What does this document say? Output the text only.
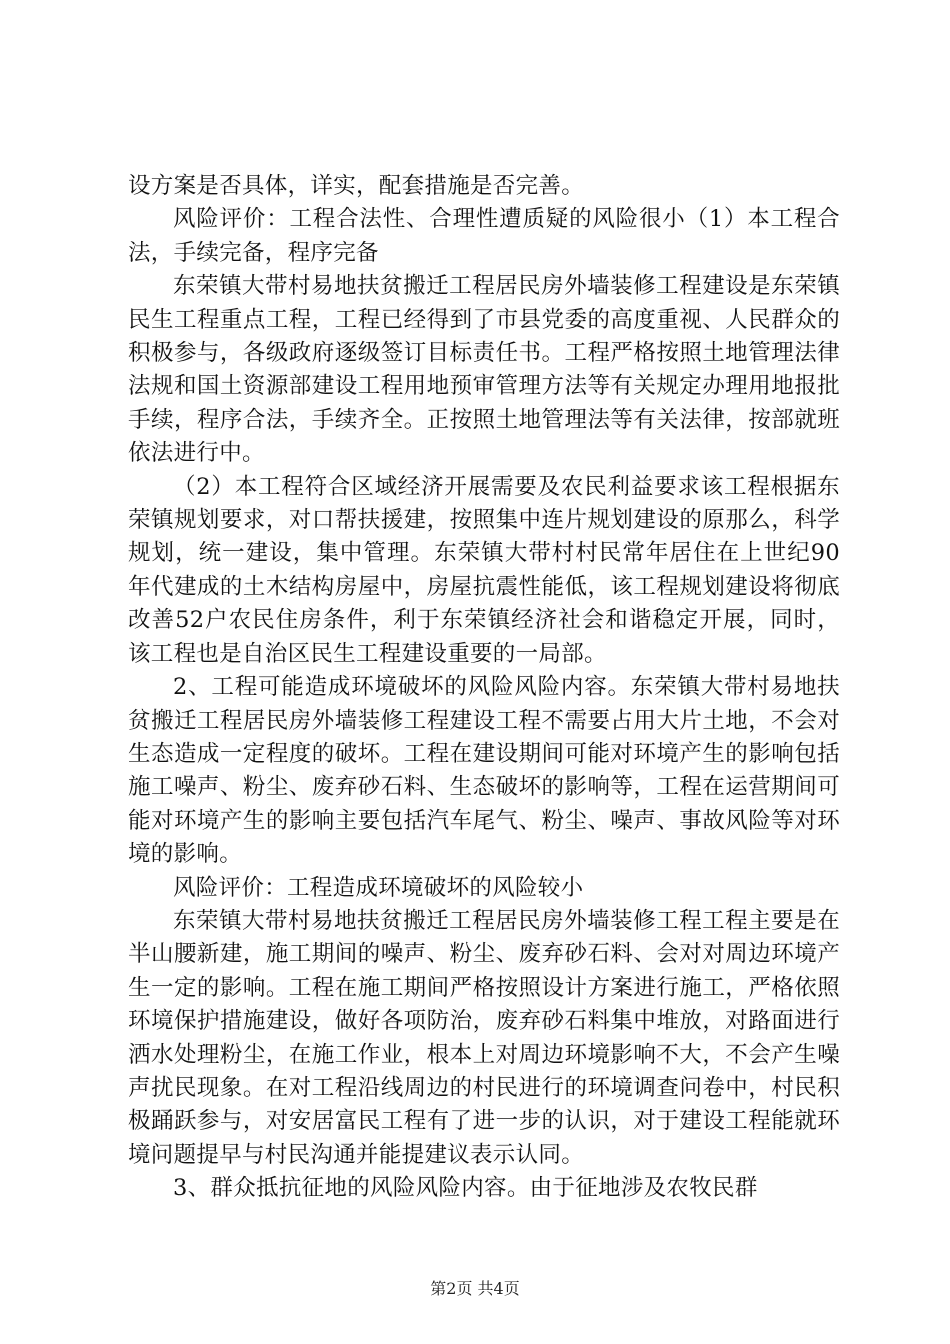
设方案是否具体，详实，配套措施是否完善。

风险评价：工程合法性、合理性遭质疑的风险很小（1）本工程合法，手续完备，程序完备

东荣镇大带村易地扶贫搬迁工程居民房外墙装修工程建设是东荣镇民生工程重点工程，工程已经得到了市县党委的高度重视、人民群众的积极参与，各级政府逐级签订目标责任书。工程严格按照土地管理法律法规和国土资源部建设工程用地预审管理方法等有关规定办理用地报批手续，程序合法，手续齐全。正按照土地管理法等有关法律，按部就班依法进行中。

（2）本工程符合区域经济开展需要及农民利益要求该工程根据东荣镇规划要求，对口帮扶援建，按照集中连片规划建设的原那么，科学规划，统一建设，集中管理。东荣镇大带村村民常年居住在上世纪90年代建成的土木结构房屋中，房屋抗震性能低，该工程规划建设将彻底改善52户农民住房条件，利于东荣镇经济社会和谐稳定开展，同时，该工程也是自治区民生工程建设重要的一局部。

2、工程可能造成环境破坏的风险风险内容。东荣镇大带村易地扶贫搬迁工程居民房外墙装修工程建设工程不需要占用大片土地，不会对生态造成一定程度的破坏。工程在建设期间可能对环境产生的影响包括施工噪声、粉尘、废弃砂石料、生态破坏的影响等，工程在运营期间可能对环境产生的影响主要包括汽车尾气、粉尘、噪声、事故风险等对环境的影响。

风险评价：工程造成环境破坏的风险较小

东荣镇大带村易地扶贫搬迁工程居民房外墙装修工程工程主要是在半山腰新建，施工期间的噪声、粉尘、废弃砂石料、会对对周边环境产生一定的影响。工程在施工期间严格按照设计方案进行施工，严格依照环境保护措施建设，做好各项防治，废弃砂石料集中堆放，对路面进行洒水处理粉尘，在施工作业，根本上对周边环境影响不大，不会产生噪声扰民现象。在对工程沿线周边的村民进行的环境调查问卷中，村民积极踊跃参与，对安居富民工程有了进一步的认识，对于建设工程能就环境问题提早与村民沟通并能提建议表示认同。

3、群众抵抗征地的风险风险内容。由于征地涉及农牧民群

第2页 共4页
